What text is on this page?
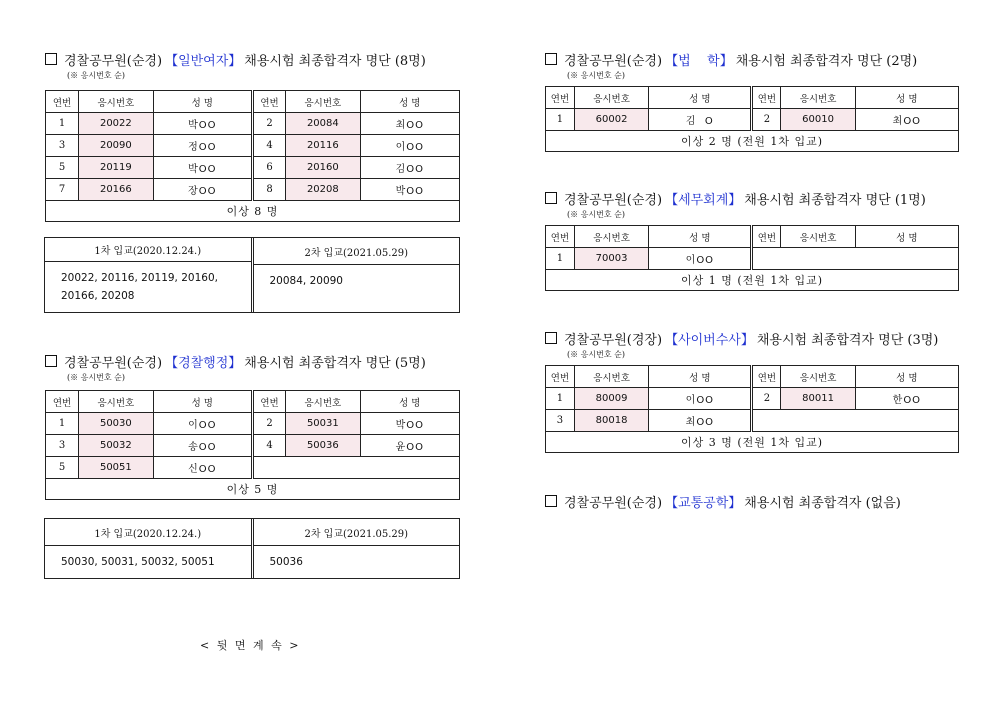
경찰공무원(순경) 【일반여자】 채용시험 최종합격자 명단 (8명)
(※ 응시번호 순)
연번	응시번호	성 명	연번	응시번호	성 명
1	20022	박OO	2	20084	최OO
3	20090	정OO	4	20116	이OO
5	20119	박OO	6	20160	김OO
7	20166	장OO	8	20208	박OO
이상 8 명					
1차 입교(2020.12.24.)
20022, 20116, 20119, 20160,
20166, 20208
2차 입교(2021.05.29)
20084, 20090
경찰공무원(순경) 【경찰행정】 채용시험 최종합격자 명단 (5명)
(※ 응시번호 순)
연번	응시번호	성 명	연번	응시번호	성 명
1	50030	이OO	2	50031	박OO
3	50032	송OO	4	50036	윤OO
5	50051	신OO			
이상 5 명					
1차 입교(2020.12.24.)
50030, 50031, 50032, 50051
2차 입교(2021.05.29)
50036
< 뒷 면 계 속 >
경찰공무원(순경) 【법    학】 채용시험 최종합격자 명단 (2명)
(※ 응시번호 순)
연번	응시번호	성 명	연번	응시번호	성 명
1	60002	김  O	2	60010	최OO
이상 2 명 (전원 1차 입교)					
경찰공무원(순경) 【세무회계】 채용시험 최종합격자 명단 (1명)
(※ 응시번호 순)
연번	응시번호	성 명	연번	응시번호	성 명
1	70003	이OO			
이상 1 명 (전원 1차 입교)					
경찰공무원(경장) 【사이버수사】 채용시험 최종합격자 명단 (3명)
(※ 응시번호 순)
연번	응시번호	성 명	연번	응시번호	성 명
1	80009	이OO	2	80011	한OO
3	80018	최OO			
이상 3 명 (전원 1차 입교)					
경찰공무원(순경) 【교통공학】 채용시험 최종합격자 (없음)
